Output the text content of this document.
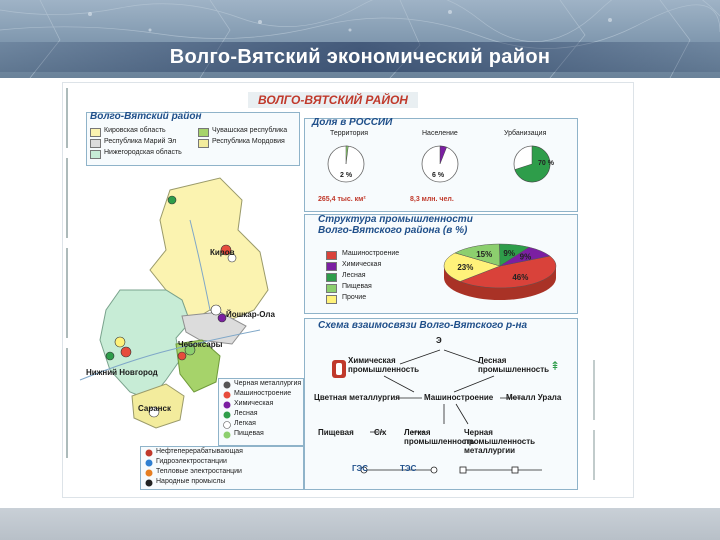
Волго-Вятский экономический район
ВОЛГО-ВЯТСКИЙ РАЙОН
Волго-Вятский район
Кировская область	Чувашская республика
Республика Марий Эл	Республика Мордовия
Нижегородская область
Доля в РОССИИ
Территория	Население	Урбанизация
2 %	6 %
70 %
265,4 тыс. км²	8,3 млн. чел.
Структура промышленности
Волго-Вятского района (в %)
Машиностроение
Химическая
Лесная
Пищевая
Прочие
46%
23%
15% 9% 9%
Схема взаимосвязи Волго-Вятского р-на
⇞
Э
Химическая промышленность
Лесная промышленность
Цветная металлургия	Машиностроение Металл Урала
Пищевая	С/х Легкая промышленность
Черная промышленность металлургии
ГЭС	ТЭС
Киров
Йошкар-Ола
Чебоксары
Нижний Новгород
Саранск
Черная металлургия
Машиностроение
Химическая
Лесная
Легкая
Пищевая
Нефтеперерабатывающая
Гидроэлектростанции
Тепловые электростанции
Народные промыслы
